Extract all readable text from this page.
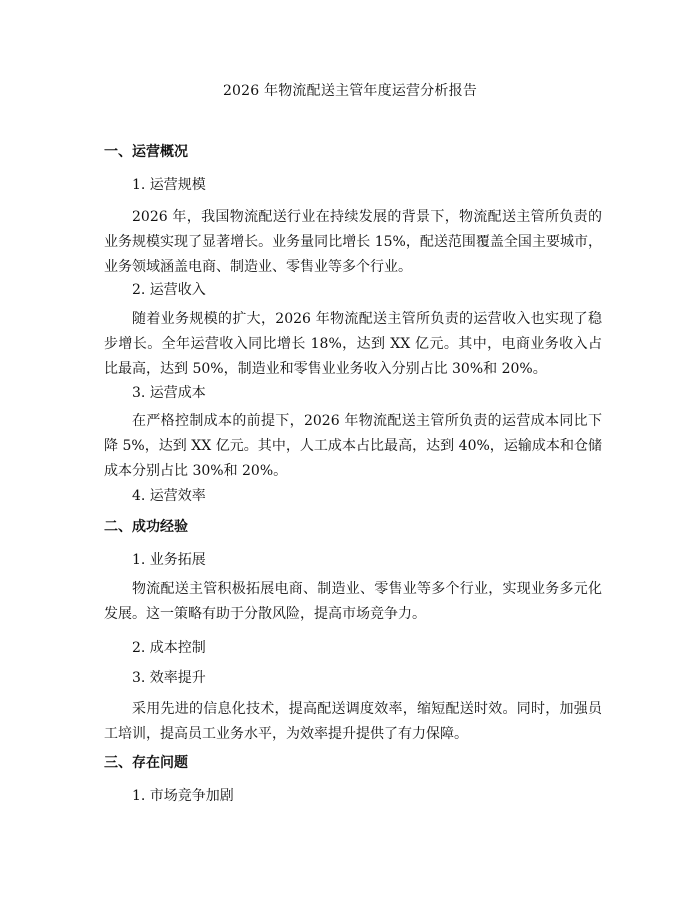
2026 年物流配送主管年度运营分析报告
一、运营概况
1. 运营规模
2026 年，我国物流配送行业在持续发展的背景下，物流配送主管所负责的业务规模实现了显著增长。业务量同比增长 15%，配送范围覆盖全国主要城市，业务领域涵盖电商、制造业、零售业等多个行业。
2. 运营收入
随着业务规模的扩大，2026 年物流配送主管所负责的运营收入也实现了稳步增长。全年运营收入同比增长 18%，达到 XX 亿元。其中，电商业务收入占比最高，达到 50%，制造业和零售业业务收入分别占比 30%和 20%。
3. 运营成本
在严格控制成本的前提下，2026 年物流配送主管所负责的运营成本同比下降 5%，达到 XX 亿元。其中，人工成本占比最高，达到 40%，运输成本和仓储成本分别占比 30%和 20%。
4. 运营效率
二、成功经验
1. 业务拓展
物流配送主管积极拓展电商、制造业、零售业等多个行业，实现业务多元化发展。这一策略有助于分散风险，提高市场竞争力。
2. 成本控制
3. 效率提升
采用先进的信息化技术，提高配送调度效率，缩短配送时效。同时，加强员工培训，提高员工业务水平，为效率提升提供了有力保障。
三、存在问题
1. 市场竞争加剧
